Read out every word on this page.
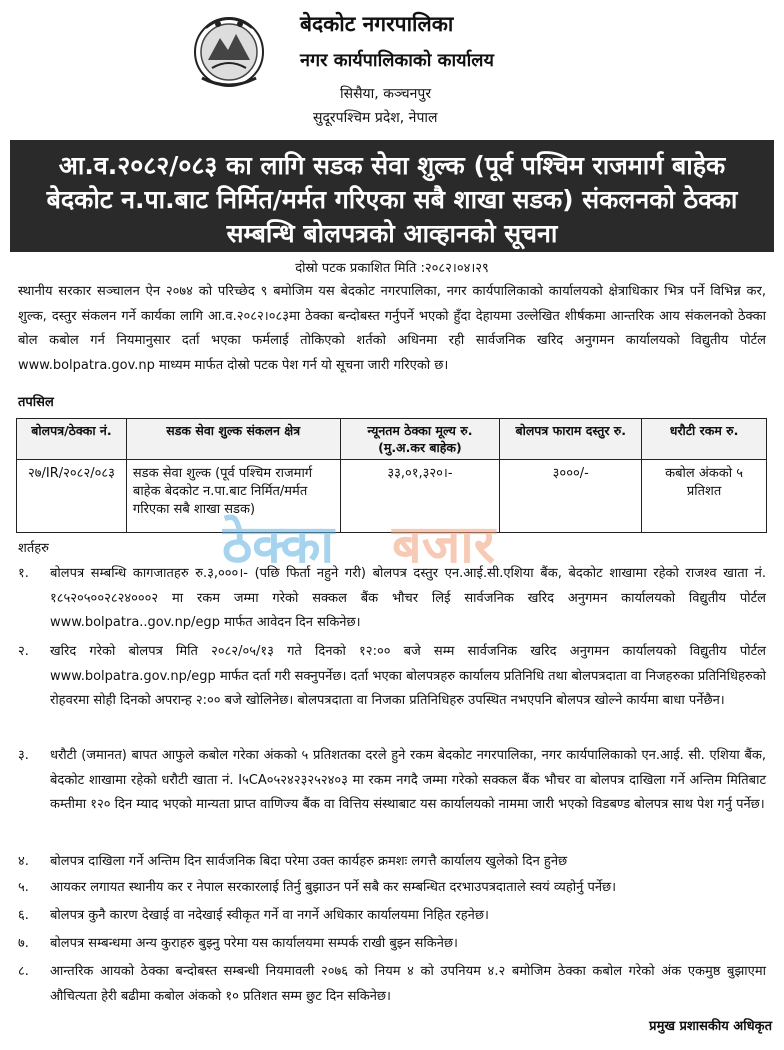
बेदकोट नगरपालिका
नगर कार्यपालिकाको कार्यालय
सिसैया, कञ्चनपुर
सुदूरपश्चिम प्रदेश, नेपाल
आ.व.२०८२/०८३ का लागि सडक सेवा शुल्क (पूर्व पश्चिम राजमार्ग बाहेक
बेदकोट न.पा.बाट निर्मित/मर्मत गरिएका सबै शाखा सडक) संकलनको ठेक्का
सम्बन्धि बोलपत्रको आव्हानको सूचना
दोस्रो पटक प्रकाशित मिति :२०८२।०४।२९
स्थानीय सरकार सञ्चालन ऐन २०७४ को परिच्छेद ९ बमोजिम यस बेदकोट नगरपालिका, नगर कार्यपालिकाको कार्यालयको क्षेत्राधिकार भित्र पर्ने विभिन्न कर, शुल्क, दस्तुर संकलन गर्ने कार्यका लागि आ.व.२०८२।०८३मा ठेक्का बन्दोबस्त गर्नुपर्ने भएको हुँदा देहायमा उल्लेखित शीर्षकमा आन्तरिक आय संकलनको ठेक्का बोल कबोल गर्न नियमानुसार दर्ता भएका फर्मलाई तोकिएको शर्तको अधिनमा रही सार्वजनिक खरिद अनुगमन कार्यालयको विद्युतीय पोर्टल www.bolpatra.gov.np माध्यम मार्फत दोस्रो पटक पेश गर्न यो सूचना जारी गरिएको छ।
तपसिल
बोलपत्र/ठेक्का नं.	सडक सेवा शुल्क संकलन क्षेत्र	न्यूनतम ठेक्का मूल्य रु.(मु.अ.कर बाहेक)	बोलपत्र फाराम दस्तुर रु.	धरौटी रकम रु.
२७/IR/२०८२/०८३	सडक सेवा शुल्क (पूर्व पश्चिम राजमार्ग बाहेक बेदकोट न.पा.बाट निर्मित/मर्मत गरिएका सबै शाखा सडक)	३३,०१,३२०।-	३०००/-	कबोल अंकको ५ प्रतिशत
ठेक्का बजार
शर्तहरु
१.	बोलपत्र सम्बन्धि कागजातहरु रु.३,०००।- (पछि फिर्ता नहुने गरी) बोलपत्र दस्तुर एन.आई.सी.एशिया बैंक, बेदकोट शाखामा रहेको राजश्व खाता नं. १८५२०५००२८२४०००२ मा रकम जम्मा गरेको सक्कल बैंक भौचर लिई सार्वजनिक खरिद अनुगमन कार्यालयको विद्युतीय पोर्टल www.bolpatra..gov.np/egp मार्फत आवेदन दिन सकिनेछ।
२.	खरिद गरेको बोलपत्र मिति २०८२/०५/१३ गते दिनको १२:०० बजे सम्म सार्वजनिक खरिद अनुगमन कार्यालयको विद्युतीय पोर्टल www.bolpatra.gov.np/egp मार्फत दर्ता गरी सक्नुपर्नेछ। दर्ता भएका बोलपत्रहरु कार्यालय प्रतिनिधि तथा बोलपत्रदाता वा निजहरुका प्रतिनिधिहरुको रोहवरमा सोही दिनको अपरान्ह २:०० बजे खोलिनेछ। बोलपत्रदाता वा निजका प्रतिनिधिहरु उपस्थित नभएपनि बोलपत्र खोल्ने कार्यमा बाधा पर्नेछैन।
३.	धरौटी (जमानत) बापत आफुले कबोल गरेका अंकको ५ प्रतिशतका दरले हुने रकम बेदकोट नगरपालिका, नगर कार्यपालिकाको एन.आई. सी. एशिया बैंक, बेदकोट शाखामा रहेको धरौटी खाता नं. I५CA०५२४२३२५२४०३ मा रकम नगदै जम्मा गरेको सक्कल बैंक भौचर वा बोलपत्र दाखिला गर्ने अन्तिम मितिबाट कम्तीमा १२० दिन म्याद भएको मान्यता प्राप्त वाणिज्य बैंक वा वित्तिय संस्थाबाट यस कार्यालयको नाममा जारी भएको विडबण्ड बोलपत्र साथ पेश गर्नु पर्नेछ।
४.	बोलपत्र दाखिला गर्ने अन्तिम दिन सार्वजनिक बिदा परेमा उक्त कार्यहरु क्रमशः लगत्तै कार्यालय खुलेको दिन हुनेछ
५.	आयकर लगायत स्थानीय कर र नेपाल सरकारलाई तिर्नु बुझाउन पर्ने सबै कर सम्बन्धित दरभाउपत्रदाताले स्वयं व्यहोर्नु पर्नेछ।
६.	बोलपत्र कुनै कारण देखाई वा नदेखाई स्वीकृत गर्ने वा नगर्ने अधिकार कार्यालयमा निहित रहनेछ।
७.	बोलपत्र सम्बन्धमा अन्य कुराहरु बुझ्नु परेमा यस कार्यालयमा सम्पर्क राखी बुझ्न सकिनेछ।
८.	आन्तरिक आयको ठेक्का बन्दोबस्त सम्बन्धी नियमावली २०७६ को नियम ४ को उपनियम ४.२ बमोजिम ठेक्का कबोल गरेको अंक एकमुष्ठ बुझाएमा औचित्यता हेरी बढीमा कबोल अंकको १० प्रतिशत सम्म छुट दिन सकिनेछ।
प्रमुख प्रशासकीय अधिकृत
